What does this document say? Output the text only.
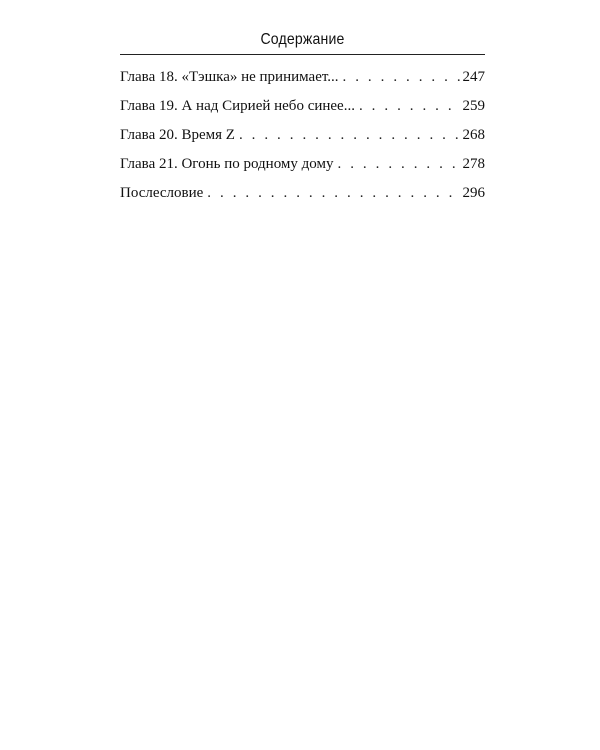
Содержание
Глава 18. «Тэшка» не принимает... . . .	247
Глава 19. А над Сирией небо синее... . . .	259
Глава 20. Время Z . . .	268
Глава 21. Огонь по родному дому . . .	278
Послесловие . . .	296
